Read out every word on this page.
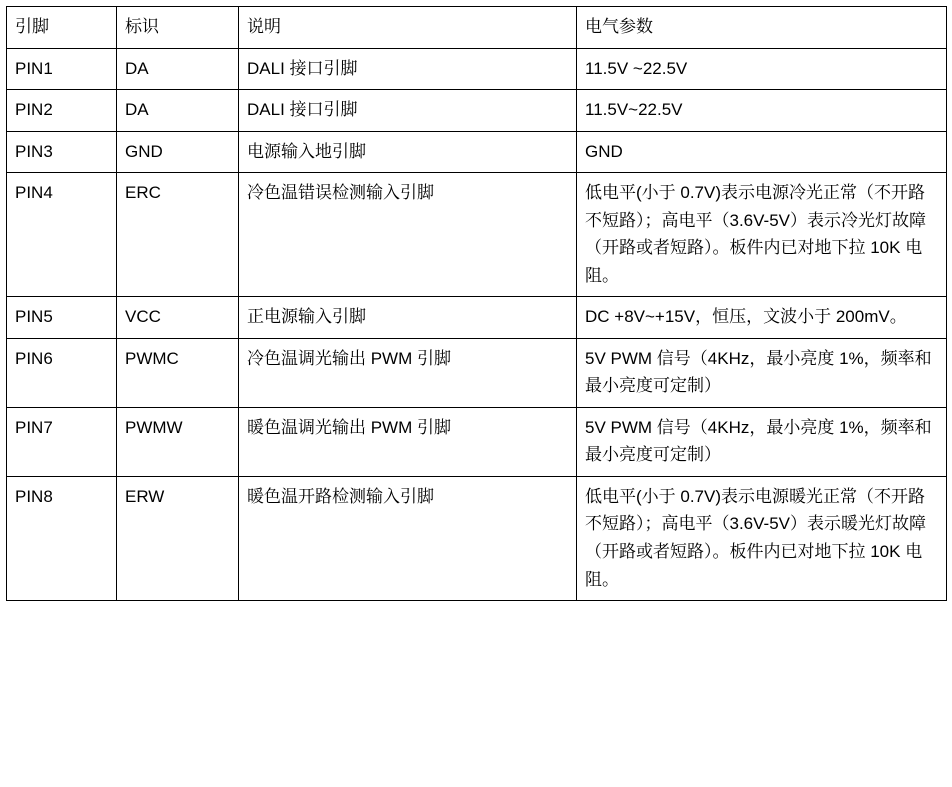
引脚	标识	说明	电气参数

PIN1	DA	DALI 接口引脚	11.5V ~22.5V

PIN2	DA	DALI 接口引脚	11.5V~22.5V

PIN3	GND	电源输入地引脚	GND

PIN4	ERC	冷色温错误检测输入引脚	低电平(小于 0.7V)表示电源冷光正常（不开路不短路）；高电平（3.6V-5V）表示冷光灯故障（开路或者短路）。板件内已对地下拉 10K 电阻。

PIN5	VCC	正电源输入引脚	DC +8V~+15V，恒压，文波小于 200mV。

PIN6	PWMC	冷色温调光输出 PWM 引脚	5V PWM 信号（4KHz，最小亮度 1%，频率和最小亮度可定制）

PIN7	PWMW	暖色温调光输出 PWM 引脚	5V PWM 信号（4KHz，最小亮度 1%，频率和最小亮度可定制）

PIN8	ERW	暖色温开路检测输入引脚	低电平(小于 0.7V)表示电源暖光正常（不开路不短路）；高电平（3.6V-5V）表示暖光灯故障（开路或者短路）。板件内已对地下拉 10K 电阻。
